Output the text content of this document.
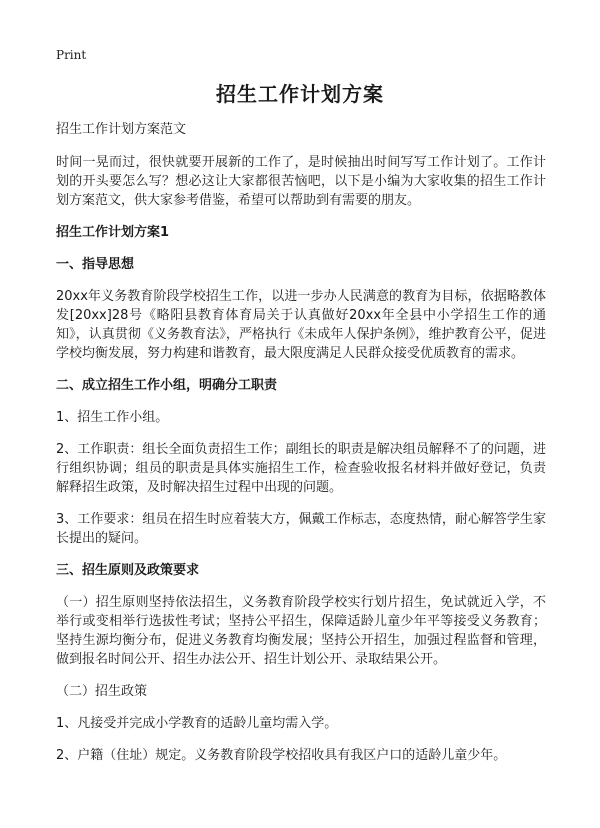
Print
招生工作计划方案

招生工作计划方案范文

时间一晃而过，很快就要开展新的工作了，是时候抽出时间写写工作计划了。工作计划的开头要怎么写？想必这让大家都很苦恼吧，以下是小编为大家收集的招生工作计划方案范文，供大家参考借鉴，希望可以帮助到有需要的朋友。

招生工作计划方案1
一、指导思想

20xx年义务教育阶段学校招生工作，以进一步办人民满意的教育为目标，依据略教体发[20xx]28号《略阳县教育体育局关于认真做好20xx年全县中小学招生工作的通知》，认真贯彻《义务教育法》，严格执行《未成年人保护条例》，维护教育公平，促进学校均衡发展，努力构建和谐教育，最大限度满足人民群众接受优质教育的需求。

二、成立招生工作小组，明确分工职责

1、招生工作小组。

2、工作职责：组长全面负责招生工作；副组长的职责是解决组员解释不了的问题，进行组织协调；组员的职责是具体实施招生工作，检查验收报名材料并做好登记，负责解释招生政策，及时解决招生过程中出现的问题。

3、工作要求：组员在招生时应着装大方，佩戴工作标志，态度热情，耐心解答学生家长提出的疑问。

三、招生原则及政策要求

（一）招生原则坚持依法招生，义务教育阶段学校实行划片招生，免试就近入学，不举行或变相举行选拔性考试；坚持公平招生，保障适龄儿童少年平等接受义务教育；坚持生源均衡分布，促进义务教育均衡发展；坚持公开招生，加强过程监督和管理，做到报名时间公开、招生办法公开、招生计划公开、录取结果公开。

（二）招生政策

1、凡接受并完成小学教育的适龄儿童均需入学。

2、户籍（住址）规定。义务教育阶段学校招收具有我区户口的适龄儿童少年。
